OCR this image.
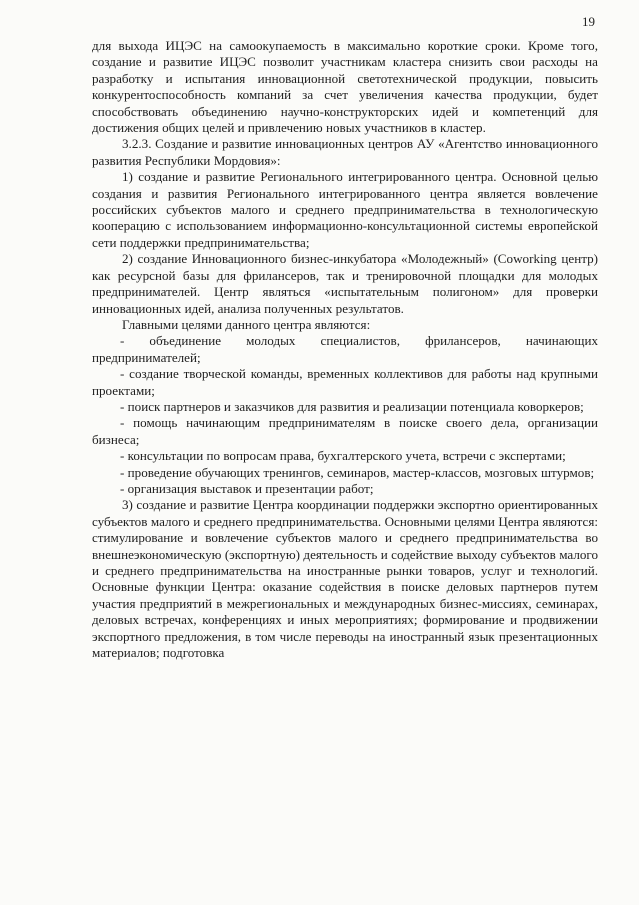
19

для выхода ИЦЭС на самоокупаемость в максимально короткие сроки. Кроме того, создание и развитие ИЦЭС позволит участникам кластера снизить свои расходы на разработку и испытания инновационной светотехнической продукции, повысить конкурентоспособность компаний за счет увеличения качества продукции, будет способствовать объединению научно-конструкторских идей и компетенций для достижения общих целей и привлечению новых участников в кластер.

3.2.3. Создание и развитие инновационных центров АУ «Агентство инновационного развития Республики Мордовия»:

1) создание и развитие Регионального интегрированного центра. Основной целью создания и развития Регионального интегрированного центра является вовлечение российских субъектов малого и среднего предпринимательства в технологическую кооперацию с использованием информационно-консультационной системы европейской сети поддержки предпринимательства;

2) создание Инновационного бизнес-инкубатора «Молодежный» (Coworking центр) как ресурсной базы для фрилансеров, так и тренировочной площадки для молодых предпринимателей. Центр являться «испытательным полигоном» для проверки инновационных идей, анализа полученных результатов.

Главными целями данного центра являются:

- объединение молодых специалистов, фрилансеров, начинающих предпринимателей;

- создание творческой команды, временных коллективов для работы над крупными проектами;

- поиск партнеров и заказчиков для развития и реализации потенциала коворкеров;

- помощь начинающим предпринимателям в поиске своего дела, организации бизнеса;

- консультации по вопросам права, бухгалтерского учета, встречи с экспертами;

- проведение обучающих тренингов, семинаров, мастер-классов, мозговых штурмов;

- организация выставок и презентации работ;

3) создание и развитие Центра координации поддержки экспортно ориентированных субъектов малого и среднего предпринимательства. Основными целями Центра являются: стимулирование и вовлечение субъектов малого и среднего предпринимательства во внешнеэкономическую (экспортную) деятельность и содействие выходу субъектов малого и среднего предпринимательства на иностранные рынки товаров, услуг и технологий. Основные функции Центра: оказание содействия в поиске деловых партнеров путем участия предприятий в межрегиональных и международных бизнес-миссиях, семинарах, деловых встречах, конференциях и иных мероприятиях; формирование и продвижении экспортного предложения, в том числе переводы на иностранный язык презентационных материалов; подготовка
